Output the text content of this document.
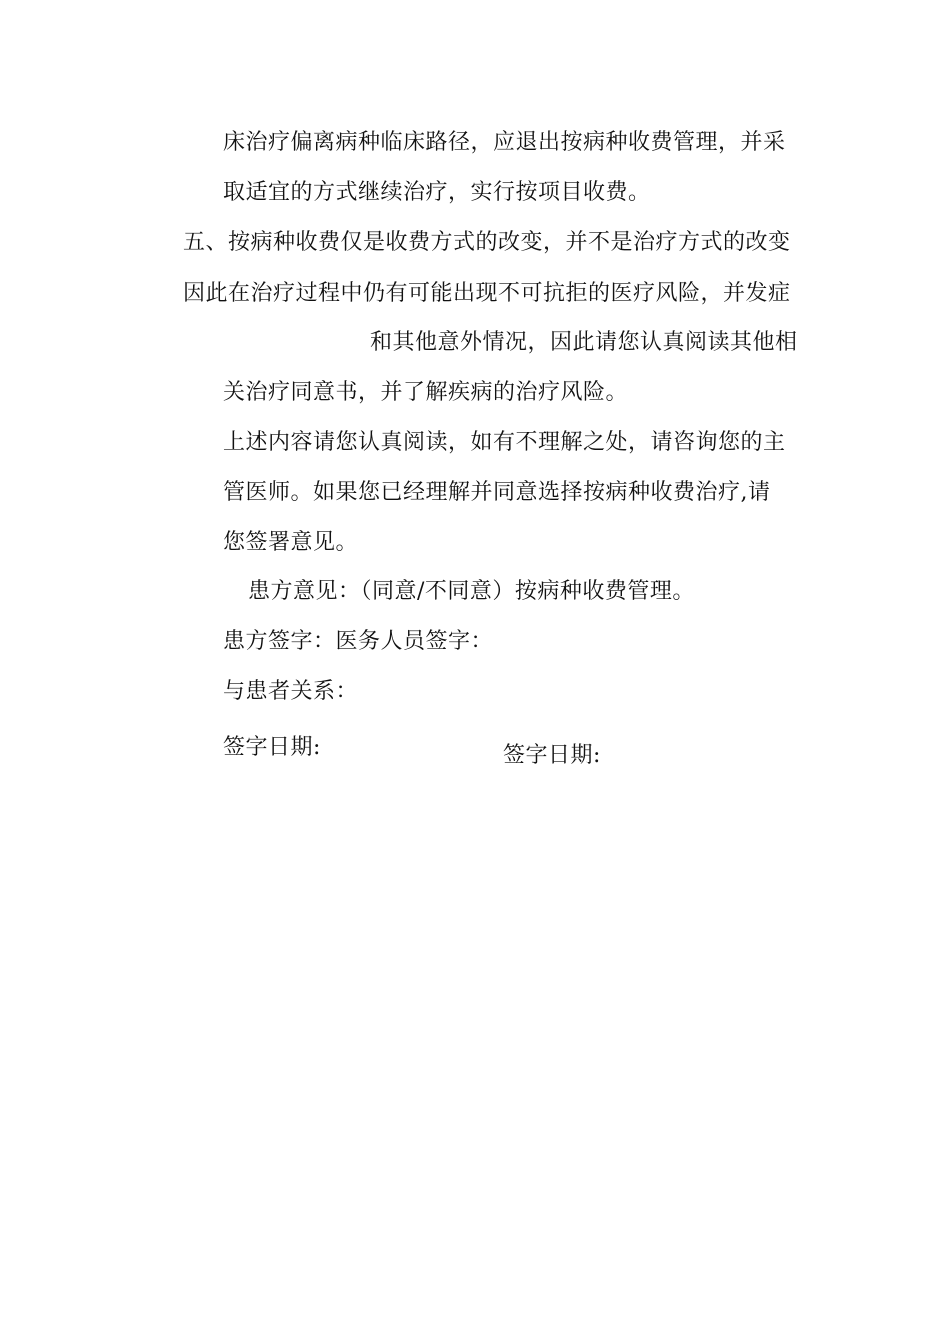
床治疗偏离病种临床路径，应退出按病种收费管理，并采
取适宜的方式继续治疗，实行按项目收费。
五、按病种收费仅是收费方式的改变，并不是治疗方式的改变
因此在治疗过程中仍有可能出现不可抗拒的医疗风险，并发症
和其他意外情况，因此请您认真阅读其他相
关治疗同意书，并了解疾病的治疗风险。
上述内容请您认真阅读，如有不理解之处，请咨询您的主
管医师。如果您已经理解并同意选择按病种收费治疗,请
您签署意见。
患方意见：（同意/不同意）按病种收费管理。
患方签字：医务人员签字：
与患者关系：
签字日期:	签字日期:
